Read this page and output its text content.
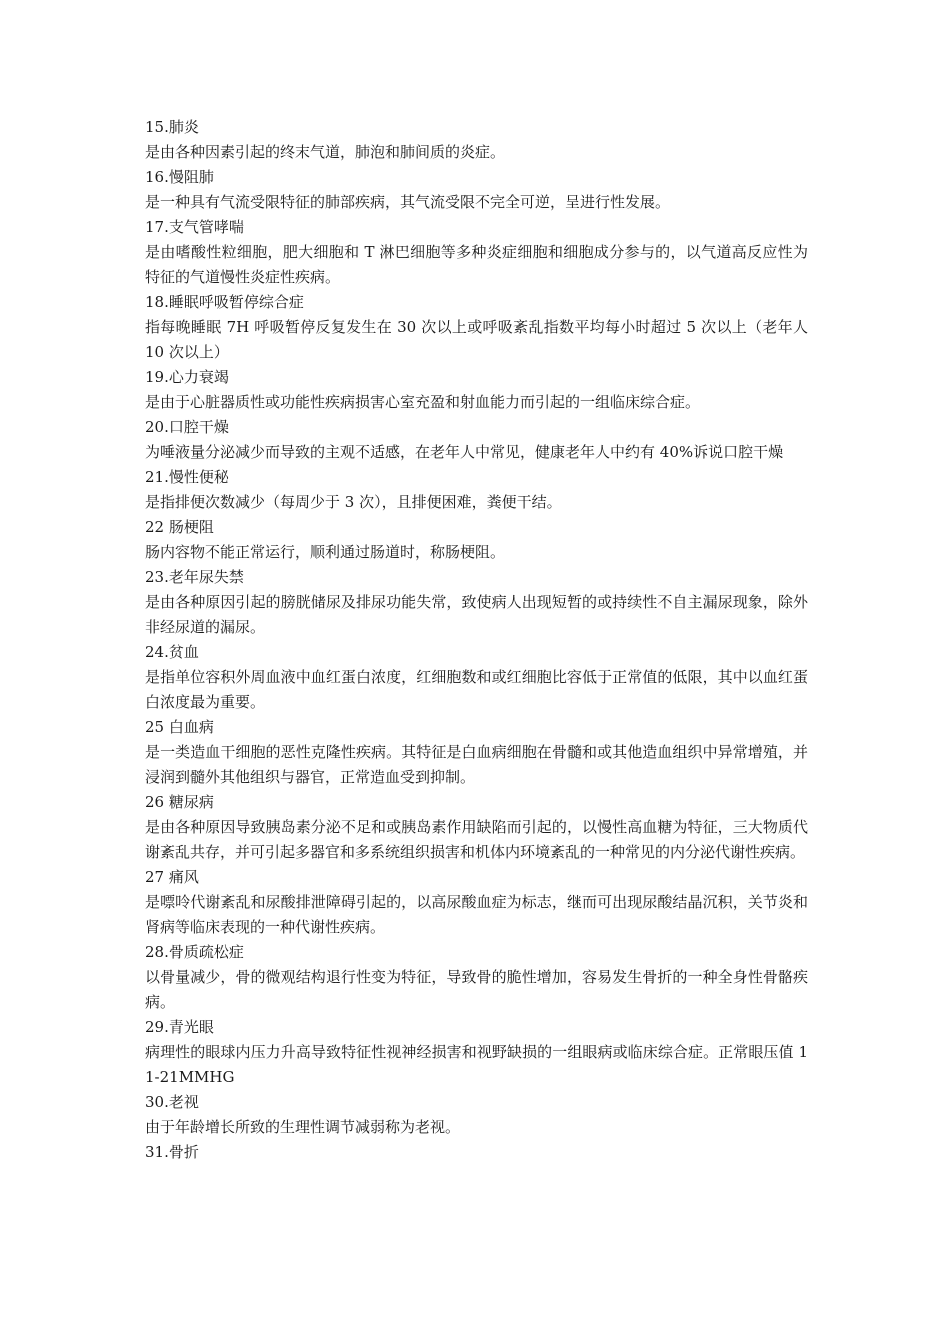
15.肺炎
是由各种因素引起的终末气道，肺泡和肺间质的炎症。
16.慢阻肺
是一种具有气流受限特征的肺部疾病，其气流受限不完全可逆，呈进行性发展。
17.支气管哮喘
是由嗜酸性粒细胞，肥大细胞和 T 淋巴细胞等多种炎症细胞和细胞成分参与的，以气道高反应性为特征的气道慢性炎症性疾病。
18.睡眠呼吸暂停综合症
指每晚睡眠 7H 呼吸暂停反复发生在 30 次以上或呼吸紊乱指数平均每小时超过 5 次以上（老年人 10 次以上）
19.心力衰竭
是由于心脏器质性或功能性疾病损害心室充盈和射血能力而引起的一组临床综合症。
20.口腔干燥
为唾液量分泌减少而导致的主观不适感，在老年人中常见，健康老年人中约有 40%诉说口腔干燥
21.慢性便秘
是指排便次数减少（每周少于 3 次），且排便困难，粪便干结。
22 肠梗阻
肠内容物不能正常运行，顺利通过肠道时，称肠梗阻。
23.老年尿失禁
是由各种原因引起的膀胱储尿及排尿功能失常，致使病人出现短暂的或持续性不自主漏尿现象，除外非经尿道的漏尿。
24.贫血
是指单位容积外周血液中血红蛋白浓度，红细胞数和或红细胞比容低于正常值的低限，其中以血红蛋白浓度最为重要。
25 白血病
是一类造血干细胞的恶性克隆性疾病。其特征是白血病细胞在骨髓和或其他造血组织中异常增殖，并浸润到髓外其他组织与器官，正常造血受到抑制。
26 糖尿病
是由各种原因导致胰岛素分泌不足和或胰岛素作用缺陷而引起的，以慢性高血糖为特征，三大物质代谢紊乱共存，并可引起多器官和多系统组织损害和机体内环境紊乱的一种常见的内分泌代谢性疾病。
27 痛风
是嘌呤代谢紊乱和尿酸排泄障碍引起的，以高尿酸血症为标志，继而可出现尿酸结晶沉积，关节炎和肾病等临床表现的一种代谢性疾病。
28.骨质疏松症
以骨量减少，骨的微观结构退行性变为特征，导致骨的脆性增加，容易发生骨折的一种全身性骨骼疾病。
29.青光眼
病理性的眼球内压力升高导致特征性视神经损害和视野缺损的一组眼病或临床综合症。正常眼压值 11-21MMHG
30.老视
由于年龄增长所致的生理性调节减弱称为老视。
31.骨折
